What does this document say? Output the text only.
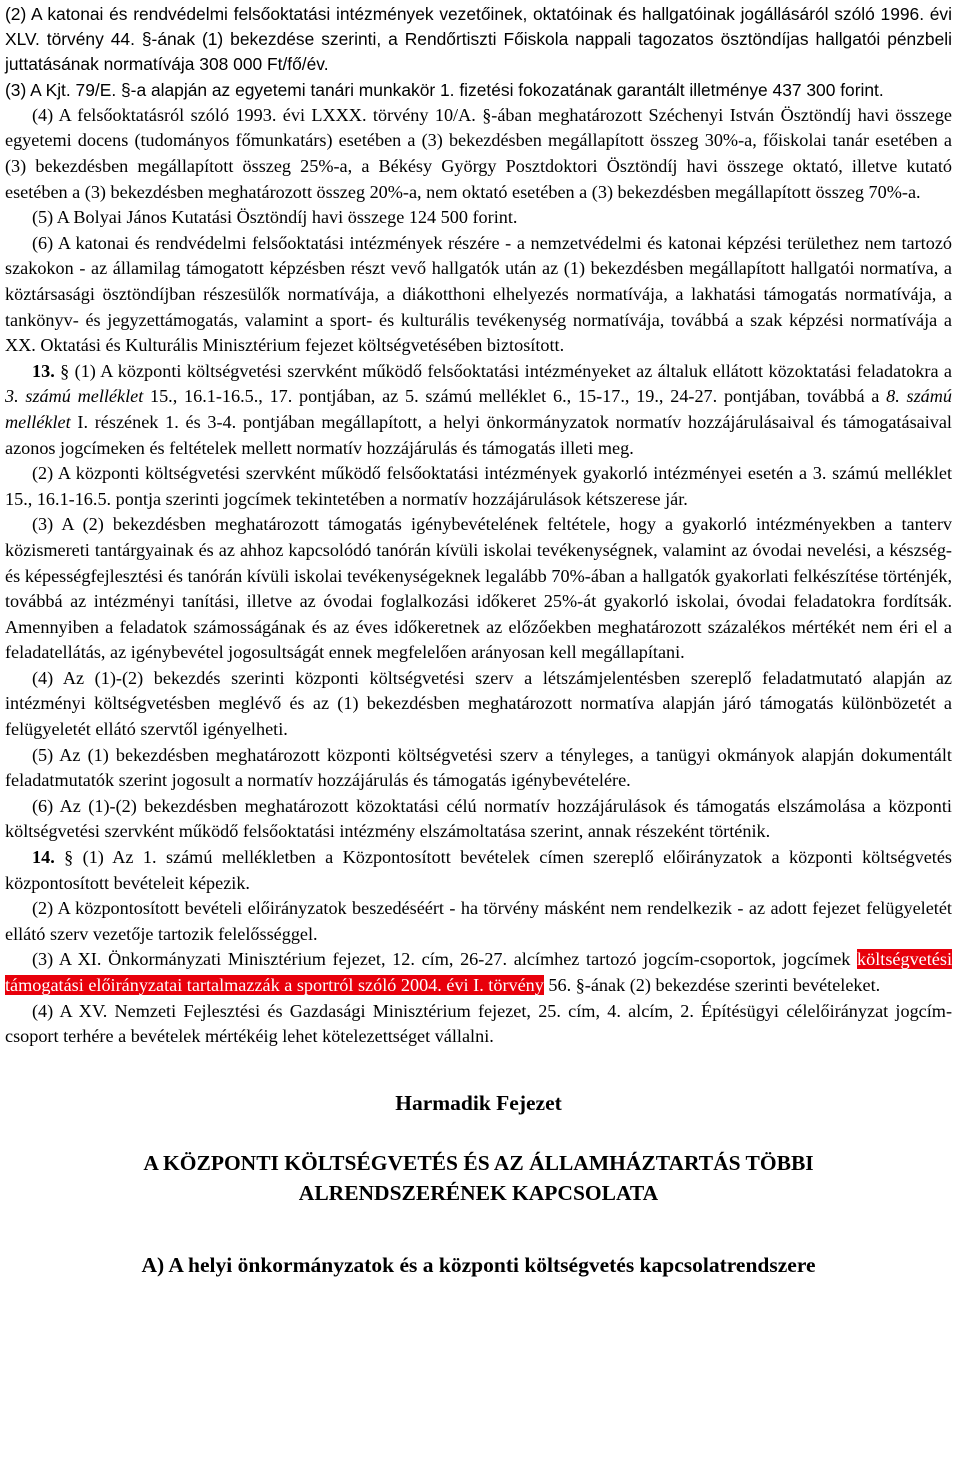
(2) A katonai és rendvédelmi felsőoktatási intézmények vezetőinek, oktatóinak és hallgatóinak jogállásáról szóló 1996. évi XLV. törvény 44. §-ának (1) bekezdése szerinti, a Rendőrtiszti Főiskola nappali tagozatos ösztöndíjas hallgatói pénzbeli juttatásának normatívája 308 000 Ft/fő/év.

(3) A Kjt. 79/E. §-a alapján az egyetemi tanári munkakör 1. fizetési fokozatának garantált illetménye 437 300 forint.

(4) A felsőoktatásról szóló 1993. évi LXXX. törvény 10/A. §-ában meghatározott Széchenyi István Ösztöndíj havi összege egyetemi docens (tudományos főmunkatárs) esetében a (3) bekezdésben megállapított összeg 30%-a, főiskolai tanár esetében a (3) bekezdésben megállapított összeg 25%-a, a Békésy György Posztdoktori Ösztöndíj havi összege oktató, illetve kutató esetében a (3) bekezdésben meghatározott összeg 20%-a, nem oktató esetében a (3) bekezdésben megállapított összeg 70%-a.

(5) A Bolyai János Kutatási Ösztöndíj havi összege 124 500 forint.

(6) A katonai és rendvédelmi felsőoktatási intézmények részére - a nemzetvédelmi és katonai képzési területhez nem tartozó szakokon - az államilag támogatott képzésben részt vevő hallgatók után az (1) bekezdésben megállapított hallgatói normatíva, a köztársasági ösztöndíjban részesülők normatívája, a diákotthoni elhelyezés normatívája, a lakhatási támogatás normatívája, a tankönyv- és jegyzettámogatás, valamint a sport- és kulturális tevékenység normatívája, továbbá a szak képzési normatívája a XX. Oktatási és Kulturális Minisztérium fejezet költségvetésében biztosított.

13. § (1) A központi költségvetési szervként működő felsőoktatási intézményeket az általuk ellátott közoktatási feladatokra a 3. számú melléklet 15., 16.1-16.5., 17. pontjában, az 5. számú melléklet 6., 15-17., 19., 24-27. pontjában, továbbá a 8. számú melléklet I. részének 1. és 3-4. pontjában megállapított, a helyi önkormányzatok normatív hozzájárulásaival és támogatásaival azonos jogcímeken és feltételek mellett normatív hozzájárulás és támogatás illeti meg.

(2) A központi költségvetési szervként működő felsőoktatási intézmények gyakorló intézményei esetén a 3. számú melléklet 15., 16.1-16.5. pontja szerinti jogcímek tekintetében a normatív hozzájárulások kétszerese jár.

(3) A (2) bekezdésben meghatározott támogatás igénybevételének feltétele, hogy a gyakorló intézményekben a tanterv közismereti tantárgyainak és az ahhoz kapcsolódó tanórán kívüli iskolai tevékenységnek, valamint az óvodai nevelési, a készség- és képességfejlesztési és tanórán kívüli iskolai tevékenységeknek legalább 70%-ában a hallgatók gyakorlati felkészítése történjék, továbbá az intézményi tanítási, illetve az óvodai foglalkozási időkeret 25%-át gyakorló iskolai, óvodai feladatokra fordítsák. Amennyiben a feladatok számosságának és az éves időkeretnek az előzőekben meghatározott százalékos mértékét nem éri el a feladatellátás, az igénybevétel jogosultságát ennek megfelelően arányosan kell megállapítani.

(4) Az (1)-(2) bekezdés szerinti központi költségvetési szerv a létszámjelentésben szereplő feladatmutató alapján az intézményi költségvetésben meglévő és az (1) bekezdésben meghatározott normatíva alapján járó támogatás különbözetét a felügyeletét ellátó szervtől igényelheti.

(5) Az (1) bekezdésben meghatározott központi költségvetési szerv a tényleges, a tanügyi okmányok alapján dokumentált feladatmutatók szerint jogosult a normatív hozzájárulás és támogatás igénybevételére.

(6) Az (1)-(2) bekezdésben meghatározott közoktatási célú normatív hozzájárulások és támogatás elszámolása a központi költségvetési szervként működő felsőoktatási intézmény elszámoltatása szerint, annak részeként történik.

14. § (1) Az 1. számú mellékletben a Központosított bevételek címen szereplő előirányzatok a központi költségvetés központosított bevételeit képezik.

(2) A központosított bevételi előirányzatok beszedéséért - ha törvény másként nem rendelkezik - az adott fejezet felügyeletét ellátó szerv vezetője tartozik felelősséggel.

(3) A XI. Önkormányzati Minisztérium fejezet, 12. cím, 26-27. alcímhez tartozó jogcím-csoportok, jogcímek költségvetési támogatási előirányzatai tartalmazzák a sportról szóló 2004. évi I. törvény 56. §-ának (2) bekezdése szerinti bevételeket.

(4) A XV. Nemzeti Fejlesztési és Gazdasági Minisztérium fejezet, 25. cím, 4. alcím, 2. Építésügyi célelőirányzat jogcím-csoport terhére a bevételek mértékéig lehet kötelezettséget vállalni.

Harmadik Fejezet
A KÖZPONTI KÖLTSÉGVETÉS ÉS AZ ÁLLAMHÁZTARTÁS TÖBBI
ALRENDSZERÉNEK KAPCSOLATA
A) A helyi önkormányzatok és a központi költségvetés kapcsolatrendszere
